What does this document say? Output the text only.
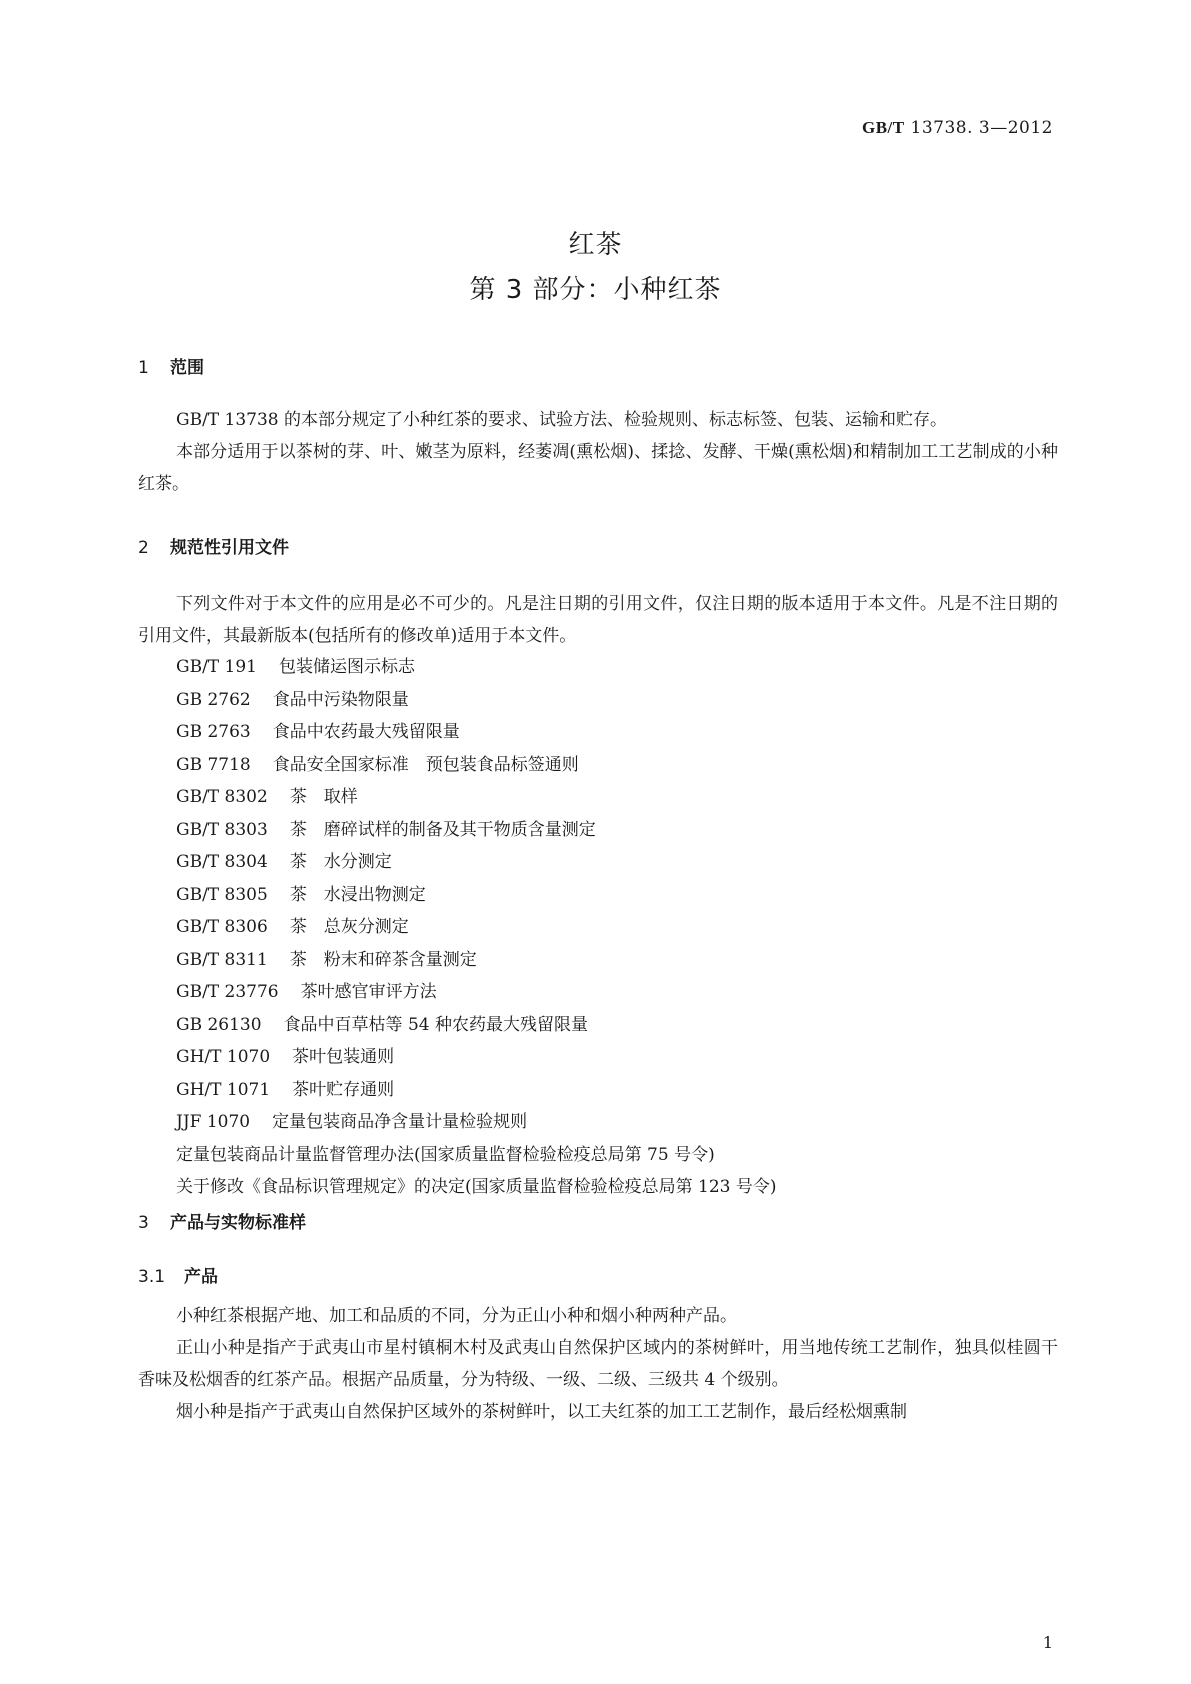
GB/T 13738. 3—2012
红茶
第 3 部分：小种红茶
1 范围
GB/T 13738 的本部分规定了小种红茶的要求、试验方法、检验规则、标志标签、包装、运输和贮存。
本部分适用于以茶树的芽、叶、嫩茎为原料，经萎凋(熏松烟)、揉捻、发酵、干燥(熏松烟)和精制加工工艺制成的小种红茶。
2 规范性引用文件
下列文件对于本文件的应用是必不可少的。凡是注日期的引用文件，仅注日期的版本适用于本文件。凡是不注日期的引用文件，其最新版本(包括所有的修改单)适用于本文件。
GB/T 191 包装储运图示标志
GB 2762 食品中污染物限量
GB 2763 食品中农药最大残留限量
GB 7718 食品安全国家标准　预包装食品标签通则
GB/T 8302 茶　取样
GB/T 8303 茶　磨碎试样的制备及其干物质含量测定
GB/T 8304 茶　水分测定
GB/T 8305 茶　水浸出物测定
GB/T 8306 茶　总灰分测定
GB/T 8311 茶　粉末和碎茶含量测定
GB/T 23776 茶叶感官审评方法
GB 26130 食品中百草枯等 54 种农药最大残留限量
GH/T 1070 茶叶包装通则
GH/T 1071 茶叶贮存通则
JJF 1070 定量包装商品净含量计量检验规则
定量包装商品计量监督管理办法(国家质量监督检验检疫总局第 75 号令)
关于修改《食品标识管理规定》的决定(国家质量监督检验检疫总局第 123 号令)
3 产品与实物标准样
3.1 产品
小种红茶根据产地、加工和品质的不同，分为正山小种和烟小种两种产品。
正山小种是指产于武夷山市星村镇桐木村及武夷山自然保护区域内的茶树鲜叶，用当地传统工艺制作，独具似桂圆干香味及松烟香的红茶产品。根据产品质量，分为特级、一级、二级、三级共 4 个级别。
烟小种是指产于武夷山自然保护区域外的茶树鲜叶，以工夫红茶的加工工艺制作，最后经松烟熏制
1
